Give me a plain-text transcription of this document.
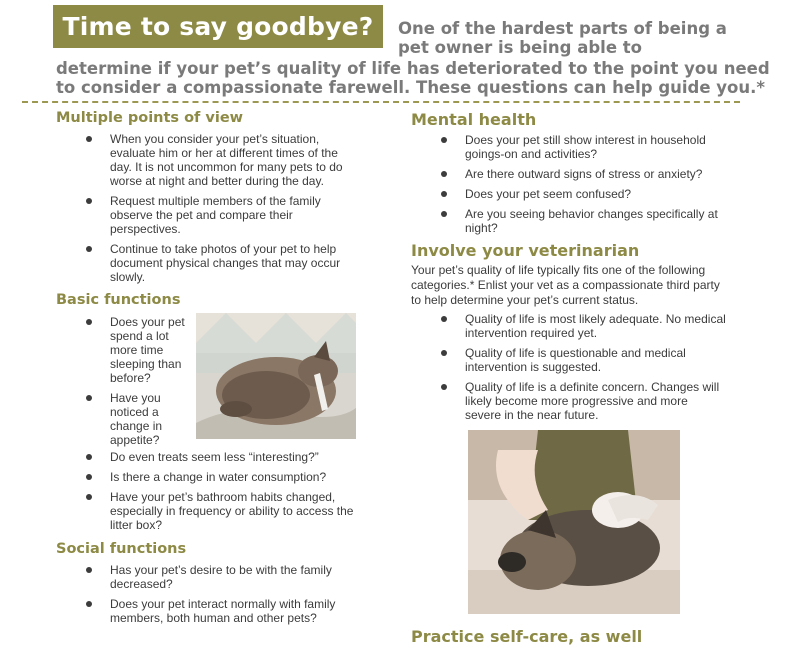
Time to say goodbye?	One of the hardest parts of being a
pet owner is being able to
determine if your pet’s quality of life has deteriorated to the point you need
to consider a compassionate farewell. These questions can help guide you.*
Multiple points of view
When you consider your pet’s situation, evaluate him or her at different times of the day. It is not uncommon for many pets to do worse at night and better during the day.
Request multiple members of the family observe the pet and compare their perspectives.
Continue to take photos of your pet to help document physical changes that may occur slowly.
Basic functions
Does your pet spend a lot more time sleeping than before?
Have you noticed a change in appetite?
Do even treats seem less “interesting?”
Is there a change in water consumption?
Have your pet’s bathroom habits changed, especially in frequency or ability to access the litter box?
Social functions
Has your pet’s desire to be with the family decreased?
Does your pet interact normally with family members, both human and other pets?
Mental health
Does your pet still show interest in household goings-on and activities?
Are there outward signs of stress or anxiety?
Does your pet seem confused?
Are you seeing behavior changes specifically at night?
Involve your veterinarian
Your pet’s quality of life typically fits one of the following categories.* Enlist your vet as a compassionate third party to help determine your pet’s current status.
Quality of life is most likely adequate. No medical intervention required yet.
Quality of life is questionable and medical intervention is suggested.
Quality of life is a definite concern. Changes will likely become more progressive and more severe in the near future.
Practice self-care, as well
